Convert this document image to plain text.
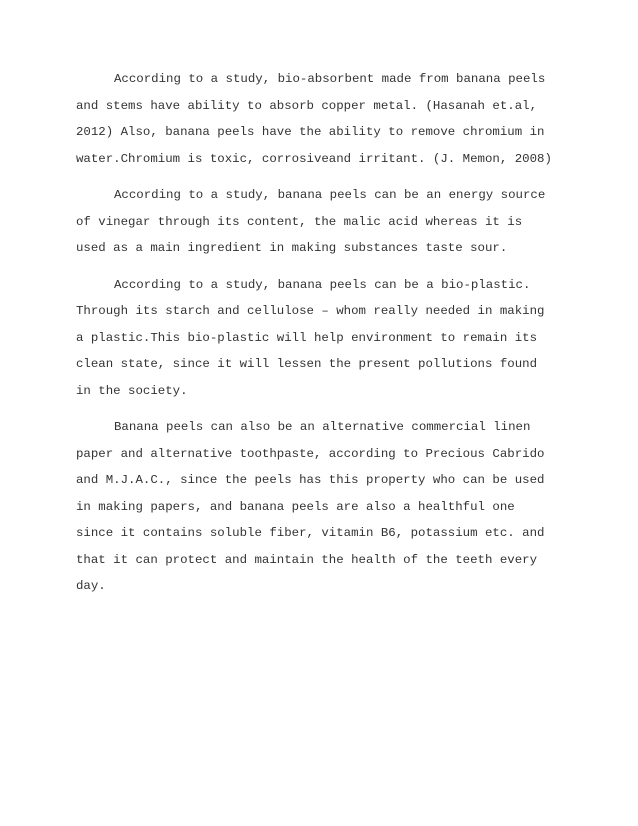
According to a study, bio-absorbent made from banana peels
and stems have ability to absorb copper metal. (Hasanah et.al,
2012) Also, banana peels have the ability to remove chromium in
water.Chromium is toxic, corrosiveand irritant. (J. Memon, 2008)
According to a study, banana peels can be an energy source
of vinegar through its content, the malic acid whereas it is
used as a main ingredient in making substances taste sour.
According to a study, banana peels can be a bio-plastic.
Through its starch and cellulose – whom really needed in making
a plastic.This bio-plastic will help environment to remain its
clean state, since it will lessen the present pollutions found
in the society.
Banana peels can also be an alternative commercial linen
paper and alternative toothpaste, according to Precious Cabrido
and M.J.A.C., since the peels has this property who can be used
in making papers, and banana peels are also a healthful one
since it contains soluble fiber, vitamin B6, potassium etc. and
that it can protect and maintain the health of the teeth every
day.
